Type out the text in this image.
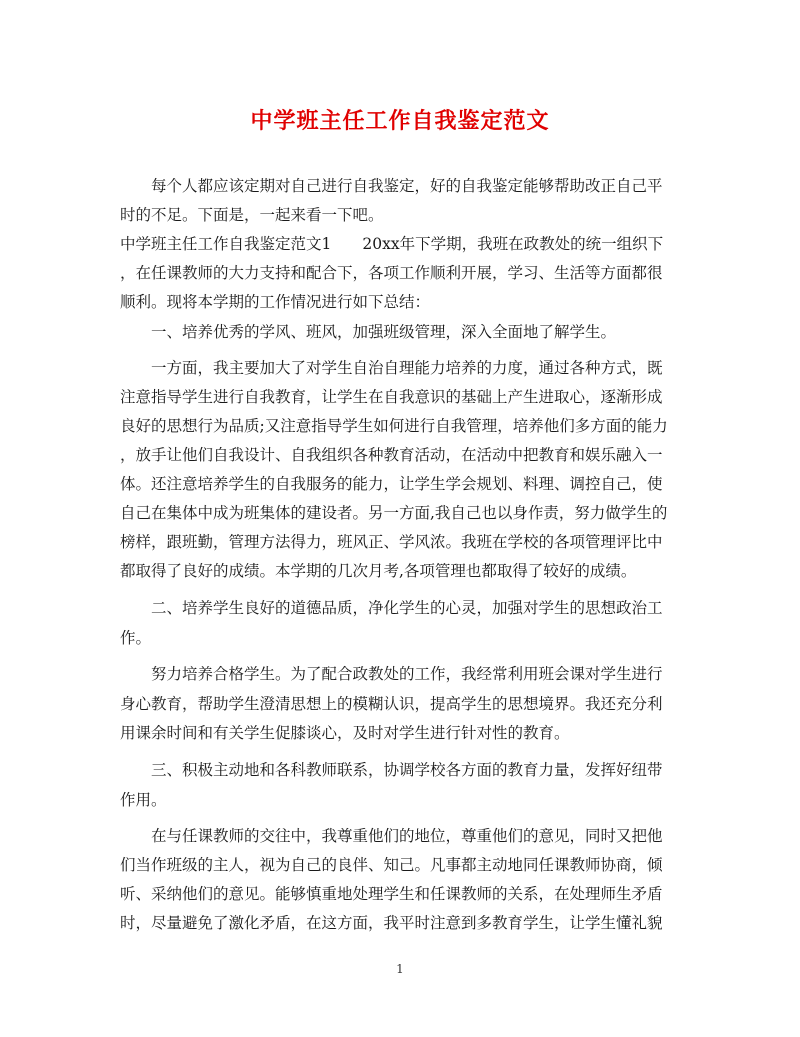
中学班主任工作自我鉴定范文
　　每个人都应该定期对自己进行自我鉴定，好的自我鉴定能够帮助改正自己平
时的不足。下面是，一起来看一下吧。
中学班主任工作自我鉴定范文1　　20xx年下学期，我班在政教处的统一组织下
，在任课教师的大力支持和配合下，各项工作顺利开展，学习、生活等方面都很
顺利。现将本学期的工作情况进行如下总结：
　　一、培养优秀的学风、班风，加强班级管理，深入全面地了解学生。
　　一方面，我主要加大了对学生自治自理能力培养的力度，通过各种方式，既
注意指导学生进行自我教育，让学生在自我意识的基础上产生进取心，逐渐形成
良好的思想行为品质;又注意指导学生如何进行自我管理，培养他们多方面的能力
，放手让他们自我设计、自我组织各种教育活动，在活动中把教育和娱乐融入一
体。还注意培养学生的自我服务的能力，让学生学会规划、料理、调控自己，使
自己在集体中成为班集体的建设者。另一方面,我自己也以身作责，努力做学生的
榜样，跟班勤，管理方法得力，班风正、学风浓。我班在学校的各项管理评比中
都取得了良好的成绩。本学期的几次月考,各项管理也都取得了较好的成绩。
　　二、培养学生良好的道德品质，净化学生的心灵，加强对学生的思想政治工
作。
　　努力培养合格学生。为了配合政教处的工作，我经常利用班会课对学生进行
身心教育，帮助学生澄清思想上的模糊认识，提高学生的思想境界。我还充分利
用课余时间和有关学生促膝谈心，及时对学生进行针对性的教育。
　　三、积极主动地和各科教师联系，协调学校各方面的教育力量，发挥好纽带
作用。
　　在与任课教师的交往中，我尊重他们的地位，尊重他们的意见，同时又把他
们当作班级的主人，视为自己的良伴、知己。凡事都主动地同任课教师协商，倾
听、采纳他们的意见。能够慎重地处理学生和任课教师的关系，在处理师生矛盾
时，尽量避免了激化矛盾，在这方面，我平时注意到多教育学生，让学生懂礼貌
1
